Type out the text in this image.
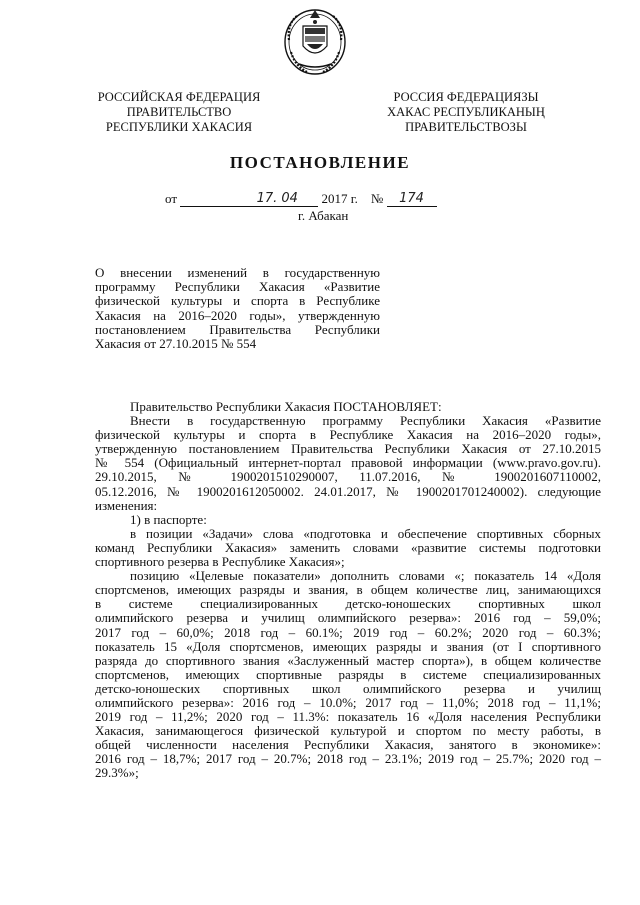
РОССИЙСКАЯ ФЕДЕРАЦИЯ
ПРАВИТЕЛЬСТВО
РЕСПУБЛИКИ ХАКАСИЯ
РОССИЯ ФЕДЕРАЦИЯЗЫ
ХАКАС РЕСПУБЛИКАНЫҢ
ПРАВИТЕЛЬСТВОЗЫ
ПОСТАНОВЛЕНИЕ
от	17. 04 2017 г. № 174
г. Абакан
О внесении изменений в государственную
программу Республики Хакасия «Развитие
физической культуры и спорта в Республике
Хакасия на 2016–2020 годы», утвержденную
постановлением Правительства Республики
Хакасия от 27.10.2015 № 554
Правительство Республики Хакасия ПОСТАНОВЛЯЕТ:
Внести в государственную программу Республики Хакасия «Развитие
физической культуры и спорта в Республике Хакасия на 2016–2020 годы»,
утвержденную постановлением Правительства Республики Хакасия от 27.10.2015
№ 554 (Официальный интернет-портал правовой информации (www.pravo.gov.ru).
29.10.2015, № 1900201510290007, 11.07.2016, № 1900201607110002,
05.12.2016, № 1900201612050002. 24.01.2017, № 1900201701240002). следующие
изменения:
1) в паспорте:
в позиции «Задачи» слова «подготовка и обеспечение спортивных сборных
команд Республики Хакасия» заменить словами «развитие системы подготовки
спортивного резерва в Республике Хакасия»;
позицию «Целевые показатели» дополнить словами «; показатель 14 «Доля
спортсменов, имеющих разряды и звания, в общем количестве лиц, занимающихся
в системе специализированных детско-юношеских спортивных школ
олимпийского резерва и училищ олимпийского резерва»: 2016 год – 59,0%;
2017 год – 60,0%; 2018 год – 60.1%; 2019 год – 60.2%; 2020 год – 60.3%;
показатель 15 «Доля спортсменов, имеющих разряды и звания (от I спортивного
разряда до спортивного звания «Заслуженный мастер спорта»), в общем количестве
спортсменов, имеющих спортивные разряды в системе специализированных
детско-юношеских спортивных школ олимпийского резерва и училищ
олимпийского резерва»: 2016 год – 10.0%; 2017 год – 11,0%; 2018 год – 11,1%;
2019 год – 11,2%; 2020 год – 11.3%: показатель 16 «Доля населения Республики
Хакасия, занимающегося физической культурой и спортом по месту работы, в
общей численности населения Республики Хакасия, занятого в экономике»:
2016 год – 18,7%; 2017 год – 20.7%; 2018 год – 23.1%; 2019 год – 25.7%; 2020 год –
29.3%»;
